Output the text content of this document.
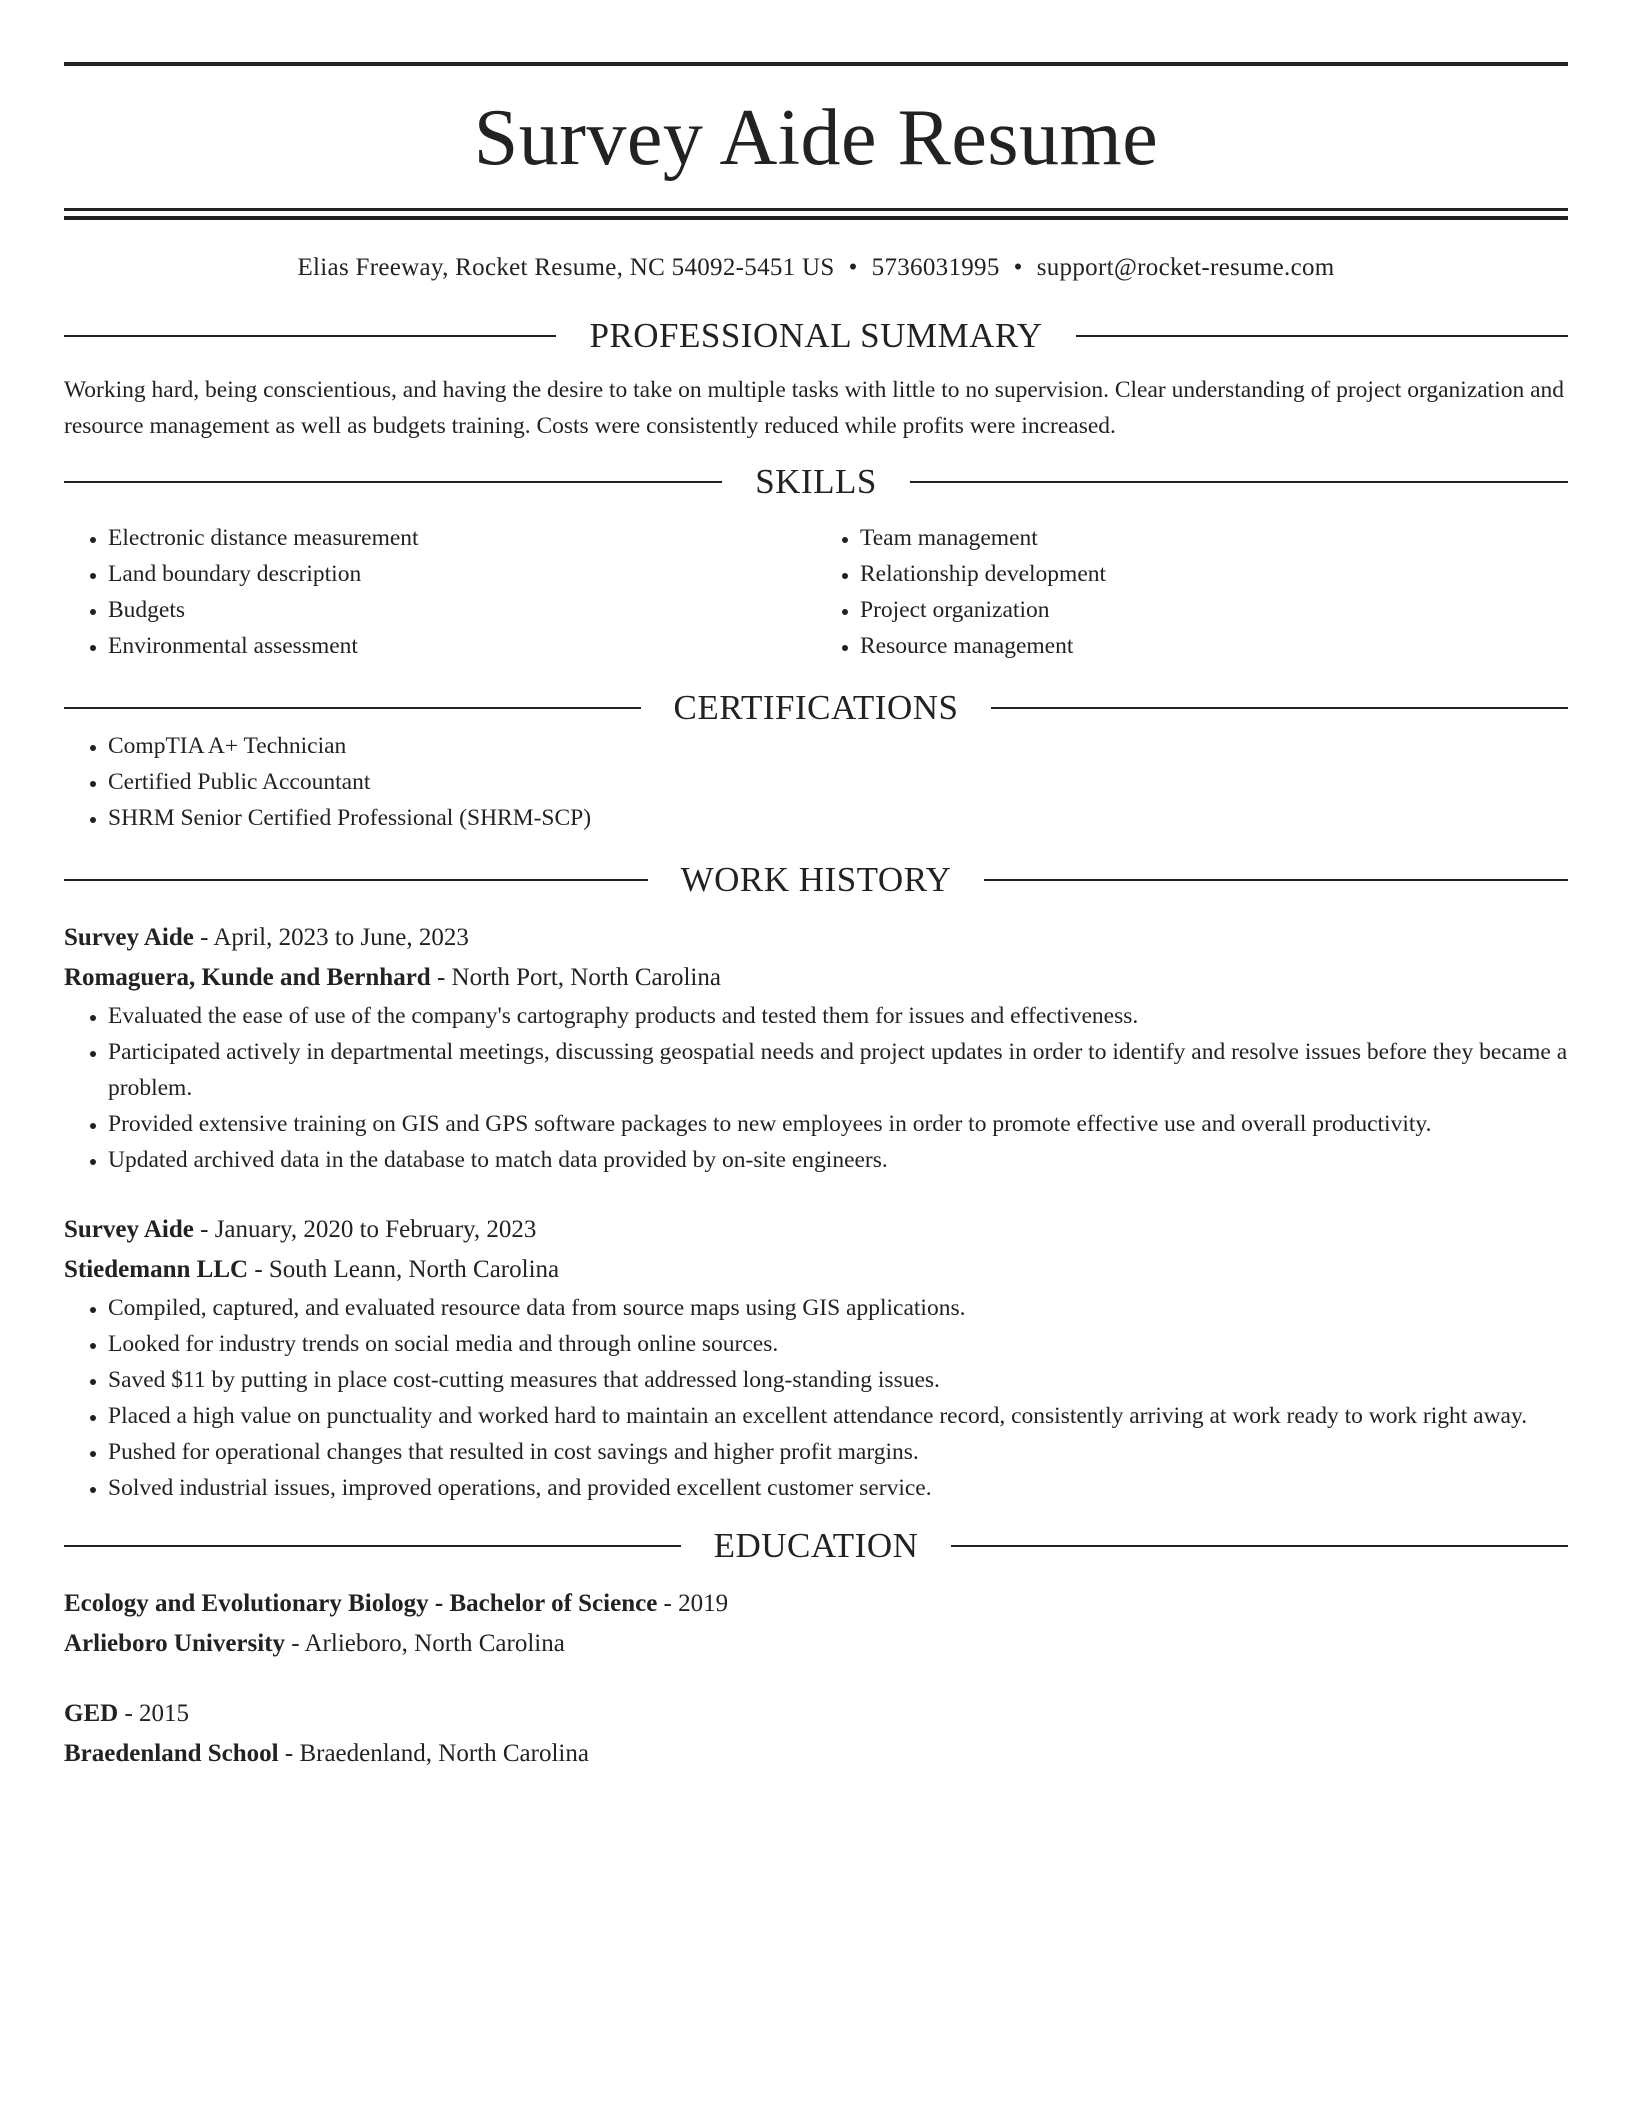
Survey Aide Resume
Elias Freeway, Rocket Resume, NC 54092-5451 US • 5736031995 • support@rocket-resume.com
PROFESSIONAL SUMMARY
Working hard, being conscientious, and having the desire to take on multiple tasks with little to no supervision. Clear understanding of project organization and resource management as well as budgets training. Costs were consistently reduced while profits were increased.
SKILLS
• Electronic distance measurement
• Land boundary description
• Budgets
• Environmental assessment
• Team management
• Relationship development
• Project organization
• Resource management
CERTIFICATIONS
• CompTIA A+ Technician
• Certified Public Accountant
• SHRM Senior Certified Professional (SHRM-SCP)
WORK HISTORY
Survey Aide - April, 2023 to June, 2023
Romaguera, Kunde and Bernhard - North Port, North Carolina
• Evaluated the ease of use of the company's cartography products and tested them for issues and effectiveness.
• Participated actively in departmental meetings, discussing geospatial needs and project updates in order to identify and resolve issues before they became a problem.
• Provided extensive training on GIS and GPS software packages to new employees in order to promote effective use and overall productivity.
• Updated archived data in the database to match data provided by on-site engineers.
Survey Aide - January, 2020 to February, 2023
Stiedemann LLC - South Leann, North Carolina
• Compiled, captured, and evaluated resource data from source maps using GIS applications.
• Looked for industry trends on social media and through online sources.
• Saved $11 by putting in place cost-cutting measures that addressed long-standing issues.
• Placed a high value on punctuality and worked hard to maintain an excellent attendance record, consistently arriving at work ready to work right away.
• Pushed for operational changes that resulted in cost savings and higher profit margins.
• Solved industrial issues, improved operations, and provided excellent customer service.
EDUCATION
Ecology and Evolutionary Biology - Bachelor of Science - 2019
Arlieboro University - Arlieboro, North Carolina
GED - 2015
Braedenland School - Braedenland, North Carolina
